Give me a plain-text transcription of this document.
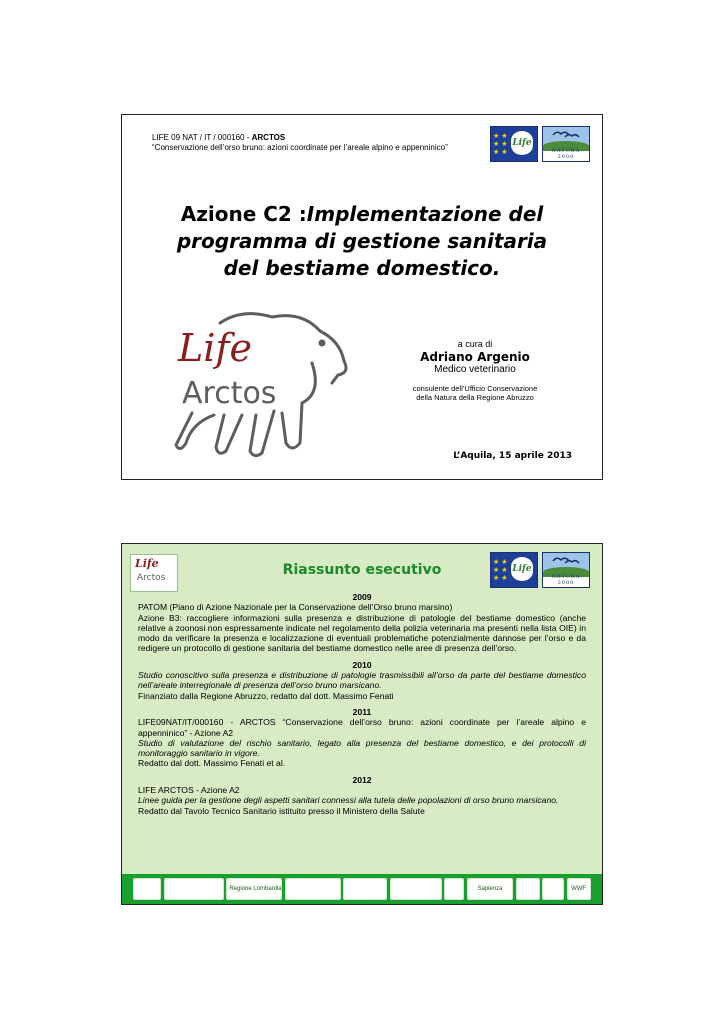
LIFE 09 NAT / IT / 000160 - ARCTOS
“Conservazione dell’orso bruno: azioni coordinate per l’areale alpino e appenninico”
★ ★ ★ ★ ★ ★
Life
NATURA 2000
Azione C2 :Implementazione del
programma di gestione sanitaria
del bestiame domestico.
Life
Arctos
a cura di
Adriano Argenio
Medico veterinario
consulente dell’Ufficio Conservazione
della Natura della Regione Abruzzo
L’Aquila, 15 aprile 2013
Life
Arctos	Riassunto esecutivo	★ ★ ★ ★ ★ ★
Life
NATURA 2000
2009
PATOM (Piano di Azione Nazionale per la Conservazione dell’Orso bruno marsino)
Azione B3: raccogliere informazioni sulla presenza e distribuzione di patologie del bestiame domestico (anche relative a zoonosi non espressamente indicate nel regolamento della polizia veterinaria ma presenti nella lista OIE) in modo da verificare la presenza e localizzazione di eventuali problematiche potenzialmente dannose per l’orso e da redigere un protocollo di gestione sanitaria del bestiame domestico nelle aree di presenza dell’orso.
2010
Studio conoscitivo sulla presenza e distribuzione di patologie trasmissibili all’orso da parte del bestiame domestico nell’areale interregionale di presenza dell’orso bruno marsicano.
Finanziato dalla Regione Abruzzo, redatto dal dott. Massimo Fenati
2011
LIFE09NAT/IT/000160 - ARCTOS “Conservazione dell’orso bruno: azioni coordinate per l’areale alpino e appenninico” - Azione A2
Studio di valutazione del rischio sanitario, legato alla presenza del bestiame domestico, e dei protocolli di monitoraggio sanitario in vigore.
Redatto dal dott. Massimo Fenati et al.
2012
LIFE ARCTOS - Azione A2
Linee guida per la gestione degli aspetti sanitari connessi alla tutela delle popolazioni di orso bruno marsicano.
Redatto dal Tavolo Tecnico Sanitario istituito presso il Ministero della Salute
Regione Lombardia	Sapienza	WWF
